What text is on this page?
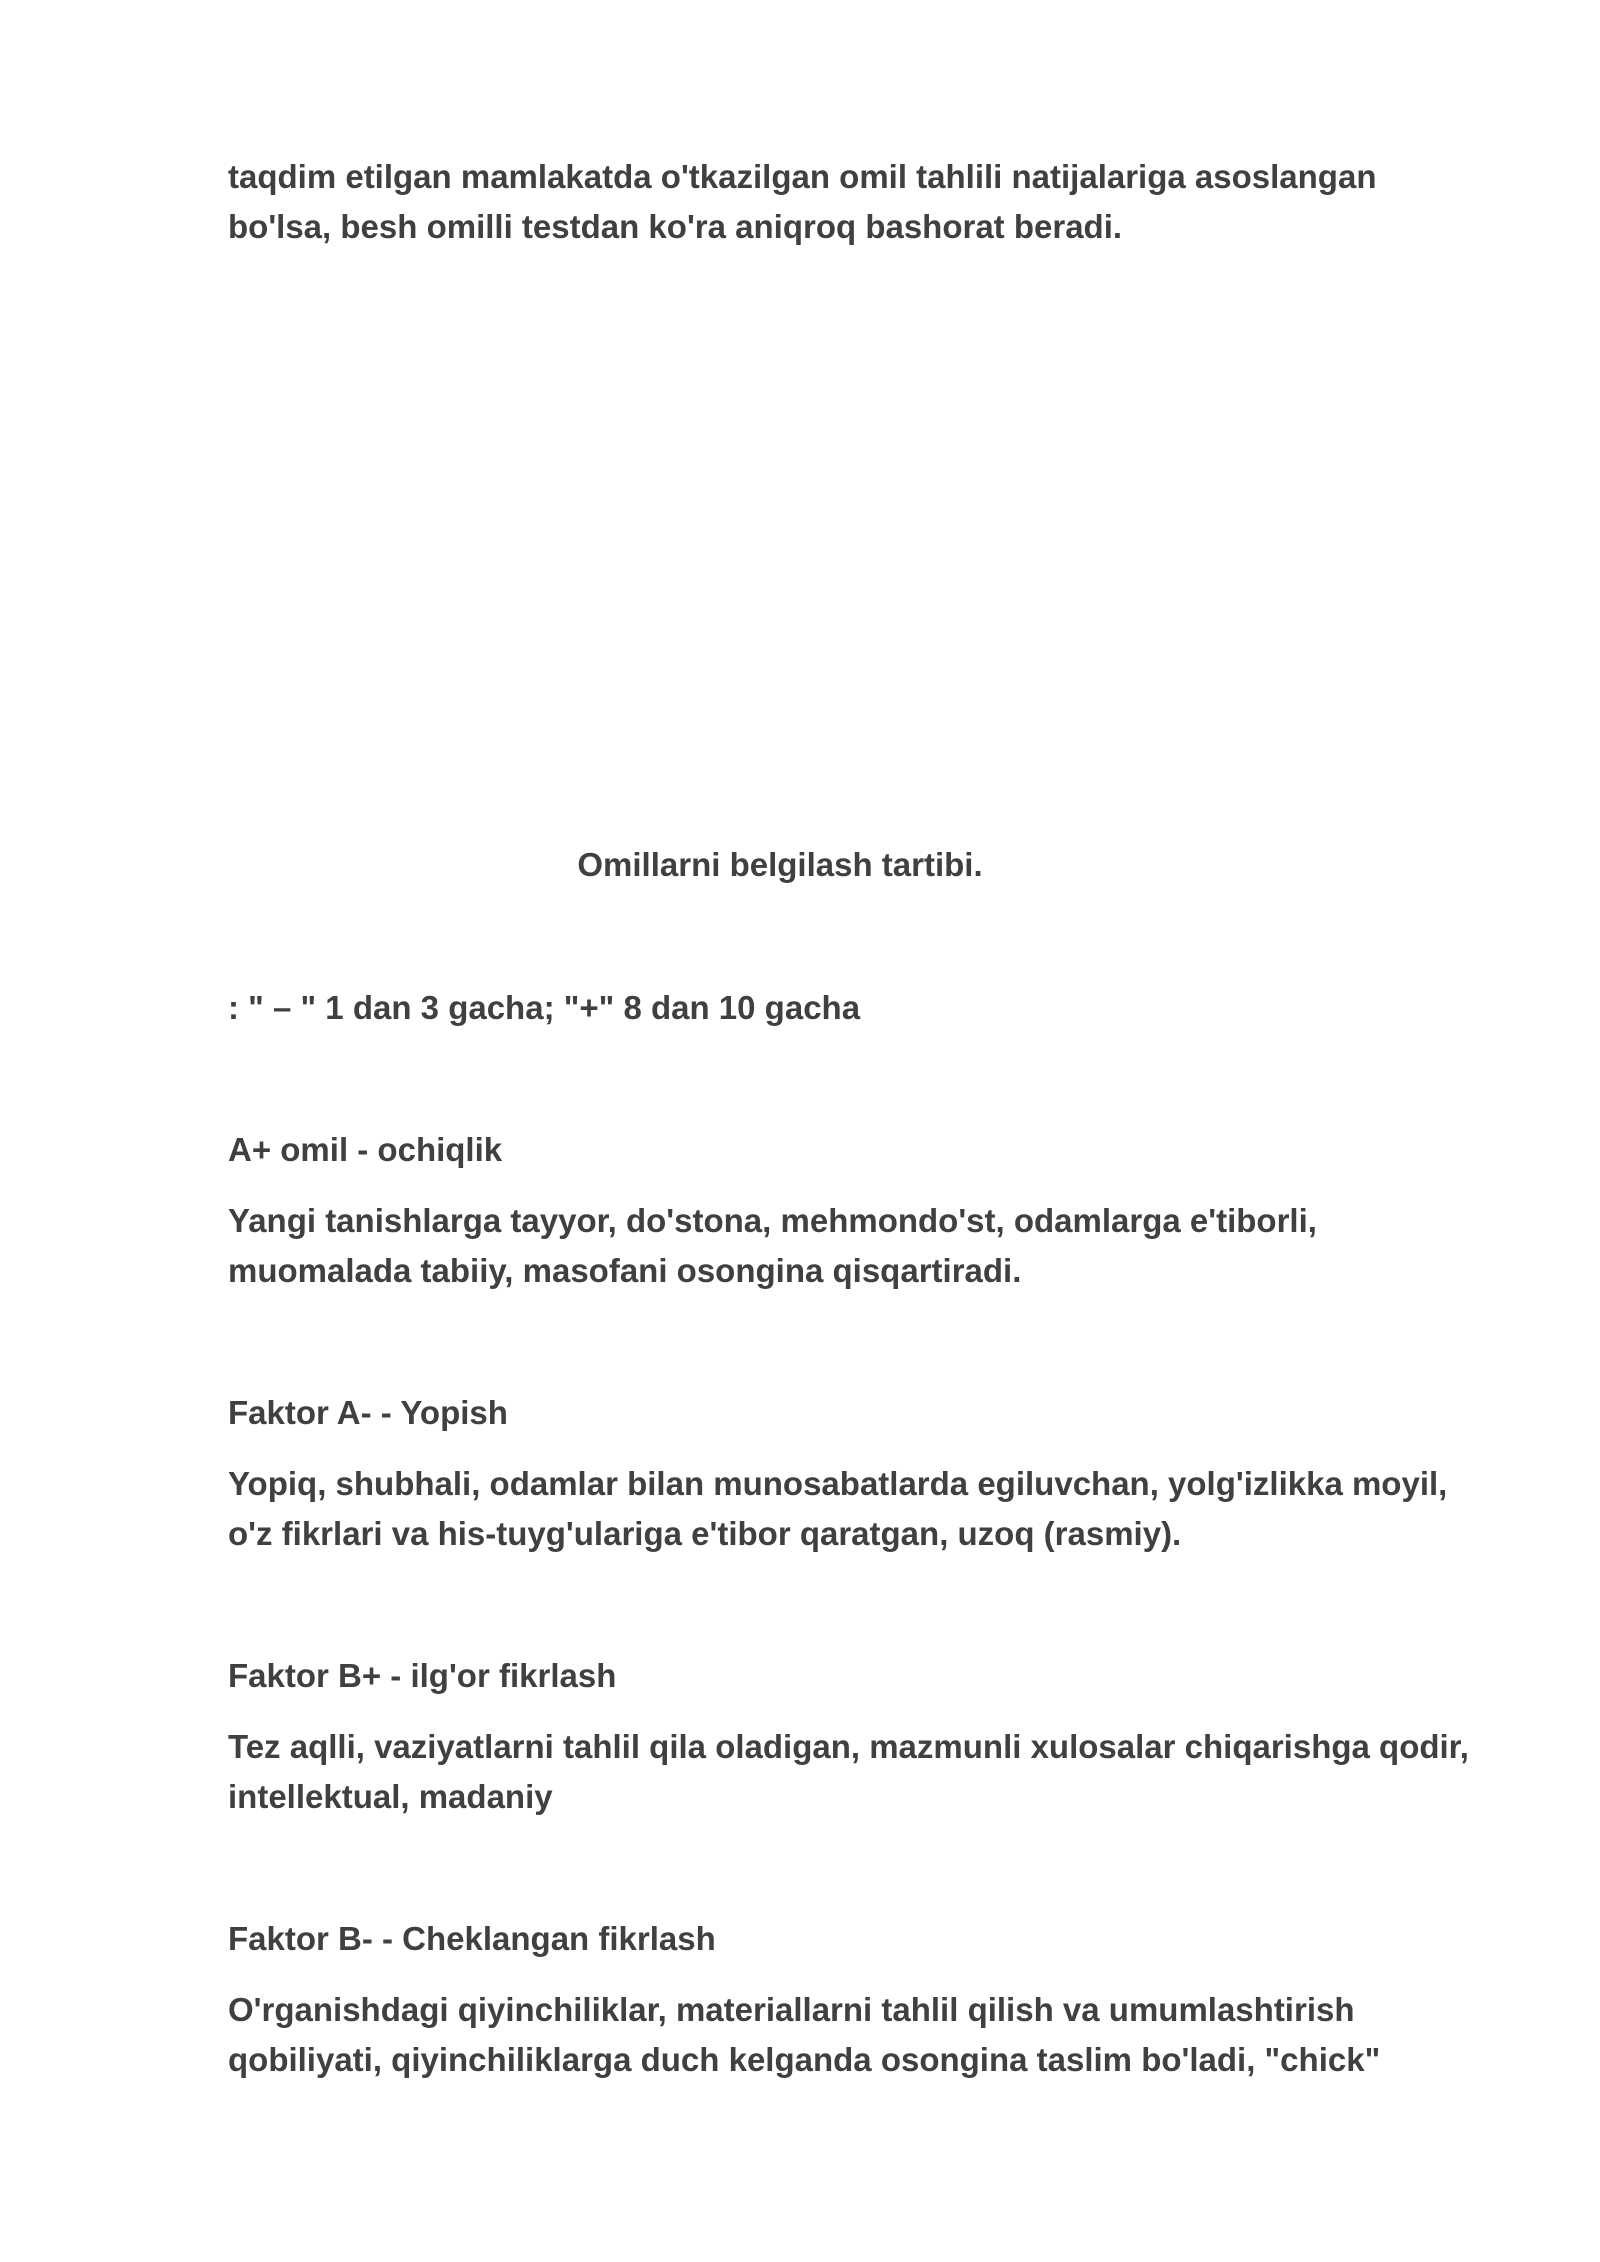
taqdim etilgan mamlakatda o'tkazilgan omil tahlili natijalariga asoslangan bo'lsa, besh omilli testdan ko'ra aniqroq bashorat beradi.

Omillarni belgilash tartibi.

: " – " 1 dan 3 gacha; "+" 8 dan 10 gacha

A+ omil - ochiqlik

Yangi tanishlarga tayyor, do'stona, mehmondo'st, odamlarga e'tiborli, muomalada tabiiy, masofani osongina qisqartiradi.

Faktor A- - Yopish

Yopiq, shubhali, odamlar bilan munosabatlarda egiluvchan, yolg'izlikka moyil, o'z fikrlari va his-tuyg'ulariga e'tibor qaratgan, uzoq (rasmiy).

Faktor B+ - ilg'or fikrlash

Tez aqlli, vaziyatlarni tahlil qila oladigan, mazmunli xulosalar chiqarishga qodir, intellektual, madaniy

Faktor B- - Cheklangan fikrlash

O'rganishdagi qiyinchiliklar, materiallarni tahlil qilish va umumlashtirish qobiliyati, qiyinchiliklarga duch kelganda osongina taslim bo'ladi, "chick"
